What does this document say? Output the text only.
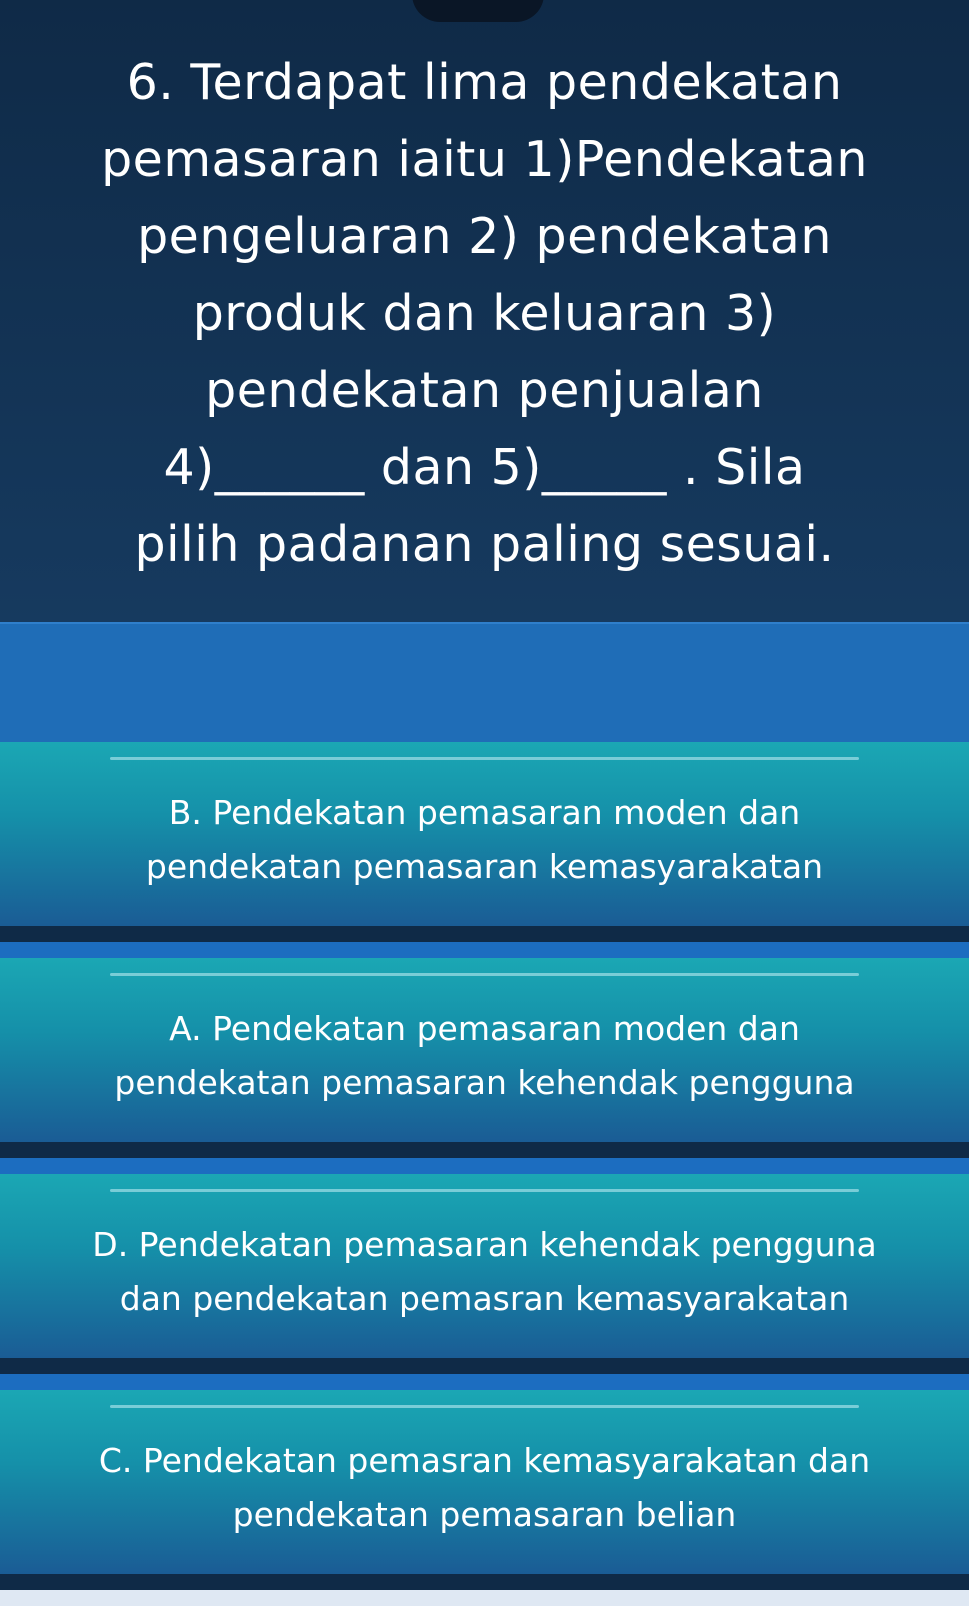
6. Terdapat lima pendekatan
pemasaran iaitu 1)Pendekatan
pengeluaran 2) pendekatan
produk dan keluaran 3)
pendekatan penjualan
4)______ dan 5)_____ . Sila
pilih padanan paling sesuai.

B. Pendekatan pemasaran moden dan
pendekatan pemasaran kemasyarakatan

A. Pendekatan pemasaran moden dan
pendekatan pemasaran kehendak pengguna

D. Pendekatan pemasaran kehendak pengguna
dan pendekatan pemasran kemasyarakatan

C. Pendekatan pemasran kemasyarakatan dan
pendekatan pemasaran belian
